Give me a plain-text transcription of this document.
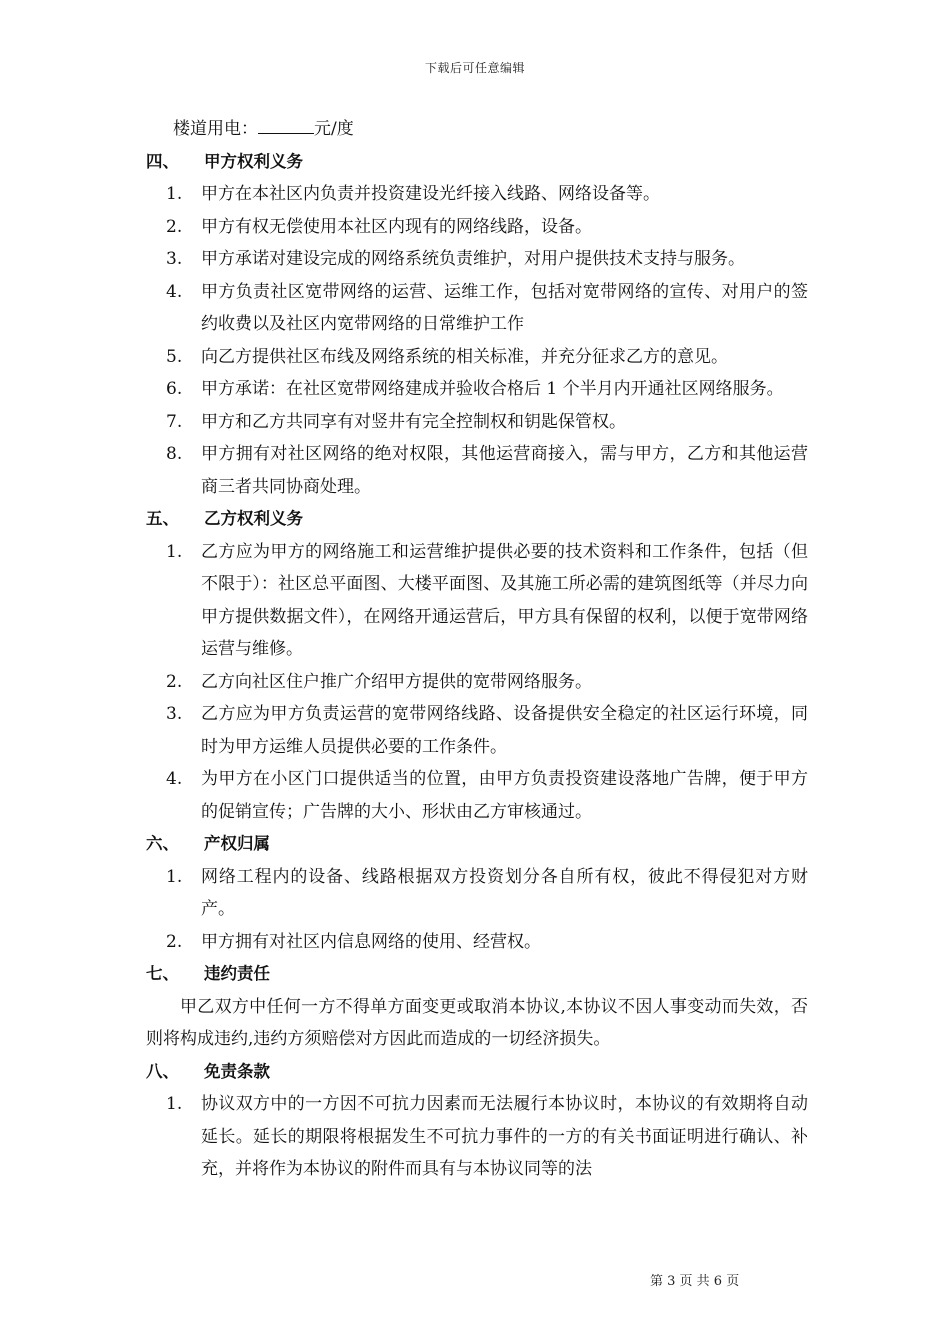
下载后可任意编辑
楼道用电：	元/度
四、	甲方权利义务
1.	甲方在本社区内负责并投资建设光纤接入线路、网络设备等。
2.	甲方有权无偿使用本社区内现有的网络线路，设备。
3.	甲方承诺对建设完成的网络系统负责维护，对用户提供技术支持与服务。
4.	甲方负责社区宽带网络的运营、运维工作，包括对宽带网络的宣传、对用户的签约收费以及社区内宽带网络的日常维护工作
5.	向乙方提供社区布线及网络系统的相关标准，并充分征求乙方的意见。
6.	甲方承诺：在社区宽带网络建成并验收合格后 1 个半月内开通社区网络服务。
7.	甲方和乙方共同享有对竖井有完全控制权和钥匙保管权。
8.	甲方拥有对社区网络的绝对权限，其他运营商接入，需与甲方，乙方和其他运营商三者共同协商处理。
五、	乙方权利义务
1.	乙方应为甲方的网络施工和运营维护提供必要的技术资料和工作条件，包括（但不限于）：社区总平面图、大楼平面图、及其施工所必需的建筑图纸等（并尽力向甲方提供数据文件），在网络开通运营后，甲方具有保留的权利，以便于宽带网络运营与维修。
2.	乙方向社区住户推广介绍甲方提供的宽带网络服务。
3.	乙方应为甲方负责运营的宽带网络线路、设备提供安全稳定的社区运行环境，同时为甲方运维人员提供必要的工作条件。
4.	为甲方在小区门口提供适当的位置，由甲方负责投资建设落地广告牌，便于甲方的促销宣传；广告牌的大小、形状由乙方审核通过。
六、	产权归属
1.	网络工程内的设备、线路根据双方投资划分各自所有权，彼此不得侵犯对方财产。
2.	甲方拥有对社区内信息网络的使用、经营权。
七、	违约责任
甲乙双方中任何一方不得单方面变更或取消本协议,本协议不因人事变动而失效，否则将构成违约,违约方须赔偿对方因此而造成的一切经济损失。
八、	免责条款
1.	协议双方中的一方因不可抗力因素而无法履行本协议时，本协议的有效期将自动延长。延长的期限将根据发生不可抗力事件的一方的有关书面证明进行确认、补充，并将作为本协议的附件而具有与本协议同等的法
第 3 页 共 6 页
